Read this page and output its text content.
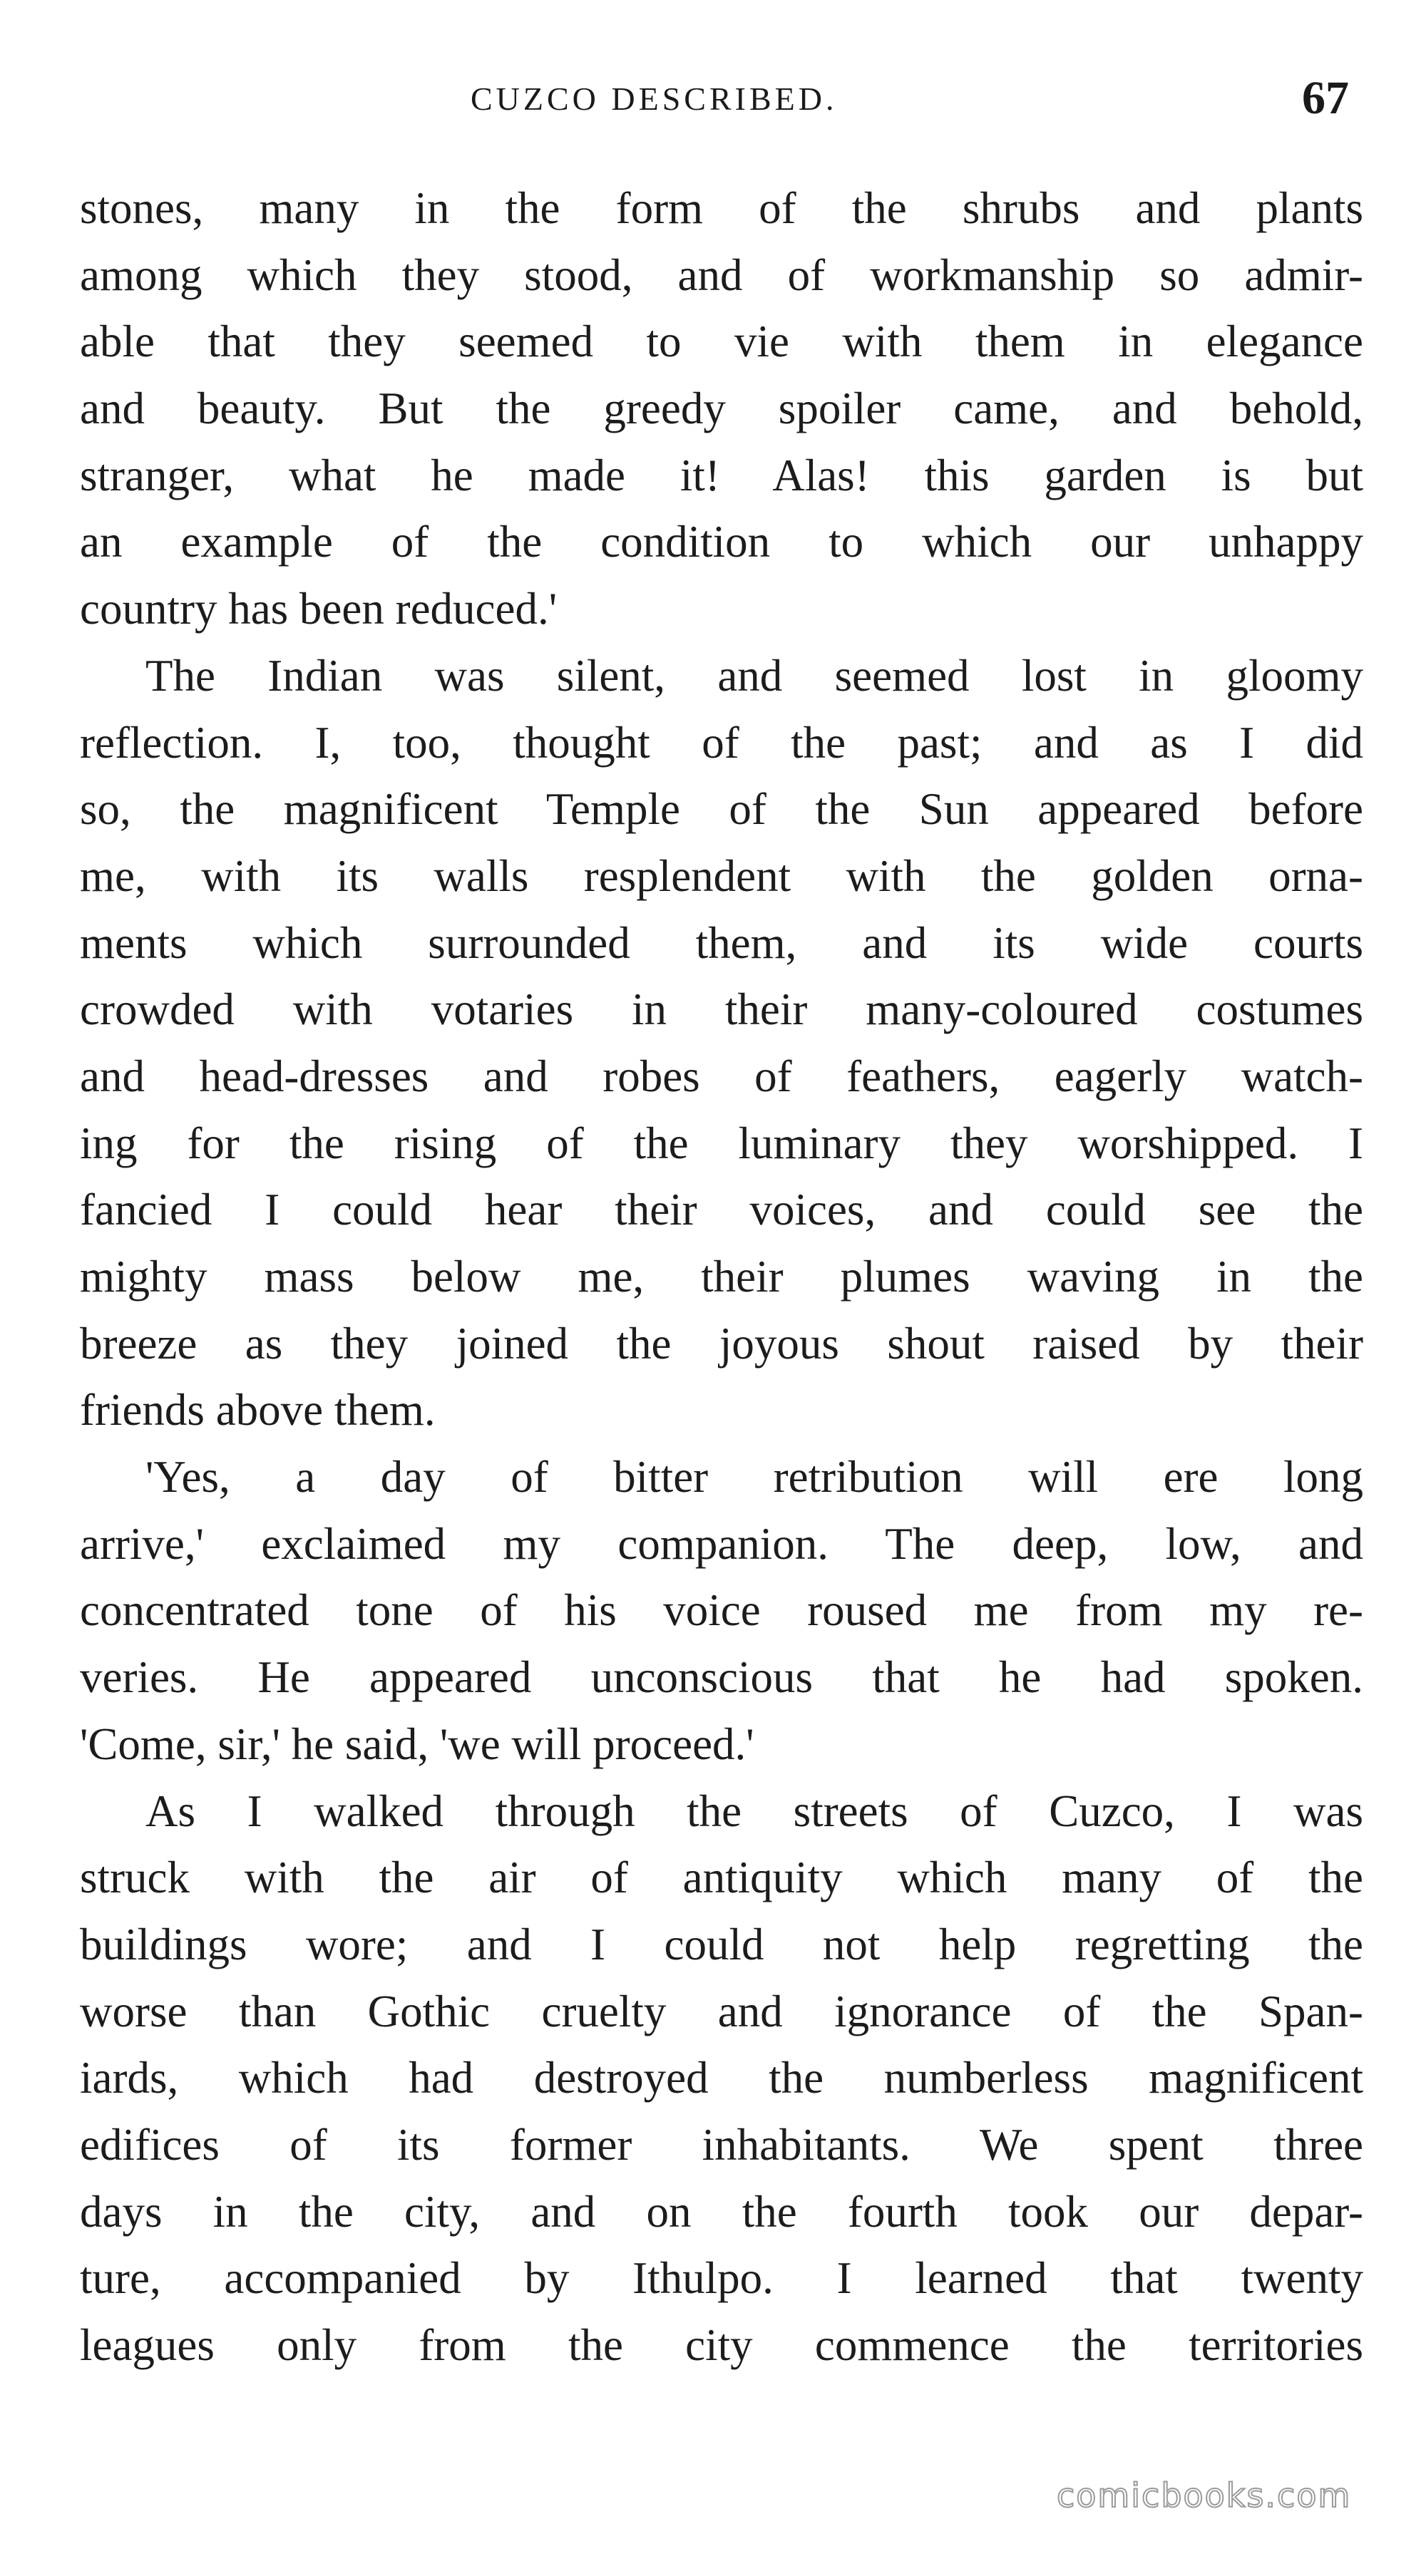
CUZCO DESCRIBED.	67
stones, many in the form of the shrubs and plants
among which they stood, and of workmanship so admir-
able that they seemed to vie with them in elegance
and beauty. But the greedy spoiler came, and behold,
stranger, what he made it! Alas! this garden is but
an example of the condition to which our unhappy
country has been reduced.'
The Indian was silent, and seemed lost in gloomy
reflection. I, too, thought of the past; and as I did
so, the magnificent Temple of the Sun appeared before
me, with its walls resplendent with the golden orna-
ments which surrounded them, and its wide courts
crowded with votaries in their many-coloured costumes
and head-dresses and robes of feathers, eagerly watch-
ing for the rising of the luminary they worshipped. I
fancied I could hear their voices, and could see the
mighty mass below me, their plumes waving in the
breeze as they joined the joyous shout raised by their
friends above them.
'Yes, a day of bitter retribution will ere long
arrive,' exclaimed my companion. The deep, low, and
concentrated tone of his voice roused me from my re-
veries. He appeared unconscious that he had spoken.
'Come, sir,' he said, 'we will proceed.'
As I walked through the streets of Cuzco, I was
struck with the air of antiquity which many of the
buildings wore; and I could not help regretting the
worse than Gothic cruelty and ignorance of the Span-
iards, which had destroyed the numberless magnificent
edifices of its former inhabitants. We spent three
days in the city, and on the fourth took our depar-
ture, accompanied by Ithulpo. I learned that twenty
leagues only from the city commence the territories
comicbooks.com
